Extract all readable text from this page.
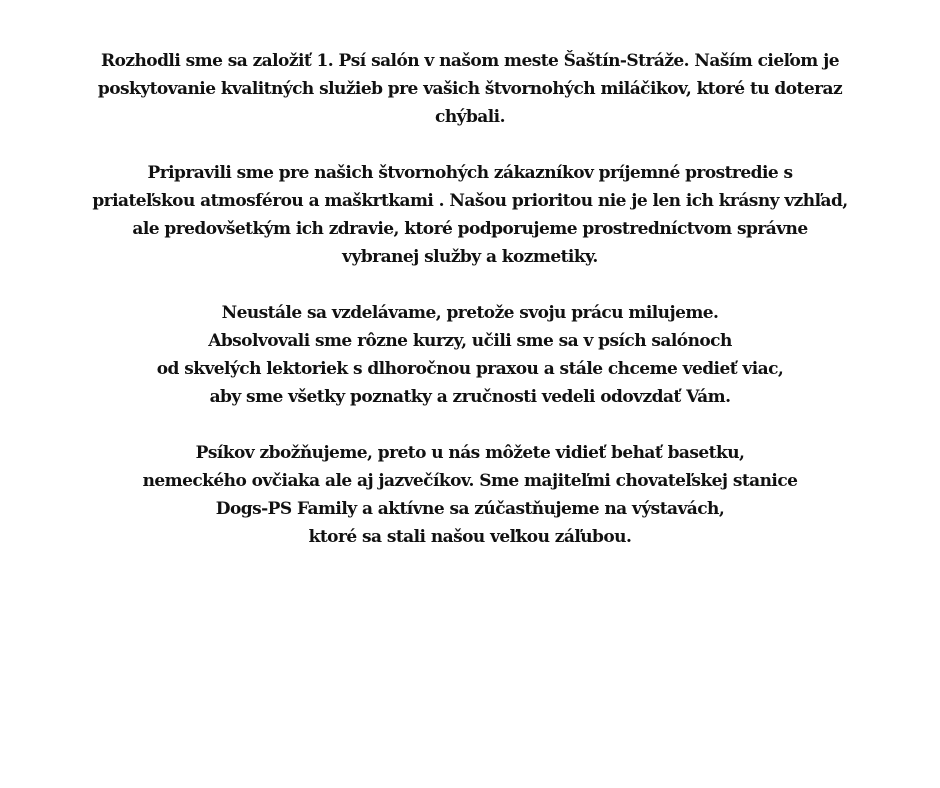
Rozhodli sme sa založiť 1. Psí salón v našom meste Šaštín-Stráže. Naším cieľom je
poskytovanie kvalitných služieb pre vašich štvornohých miláčikov, ktoré tu doteraz
chýbali.
Pripravili sme pre našich štvornohých zákazníkov príjemné prostredie s
priateľskou atmosférou a maškrtkami . Našou prioritou nie je len ich krásny vzhľad,
ale predovšetkým ich zdravie, ktoré podporujeme prostredníctvom správne
vybranej služby a kozmetiky.
Neustále sa vzdelávame, pretože svoju prácu milujeme.
Absolvovali sme rôzne kurzy, učili sme sa v psích salónoch
od skvelých lektoriek s dlhoročnou praxou a stále chceme vedieť viac,
aby sme všetky poznatky a zručnosti vedeli odovzdať Vám.
Psíkov zbožňujeme, preto u nás môžete vidieť behať basetku,
nemeckého ovčiaka ale aj jazvečíkov. Sme majiteľmi chovateľskej stanice
Dogs-PS Family a aktívne sa zúčastňujeme na výstavách,
ktoré sa stali našou veľkou záľubou.
